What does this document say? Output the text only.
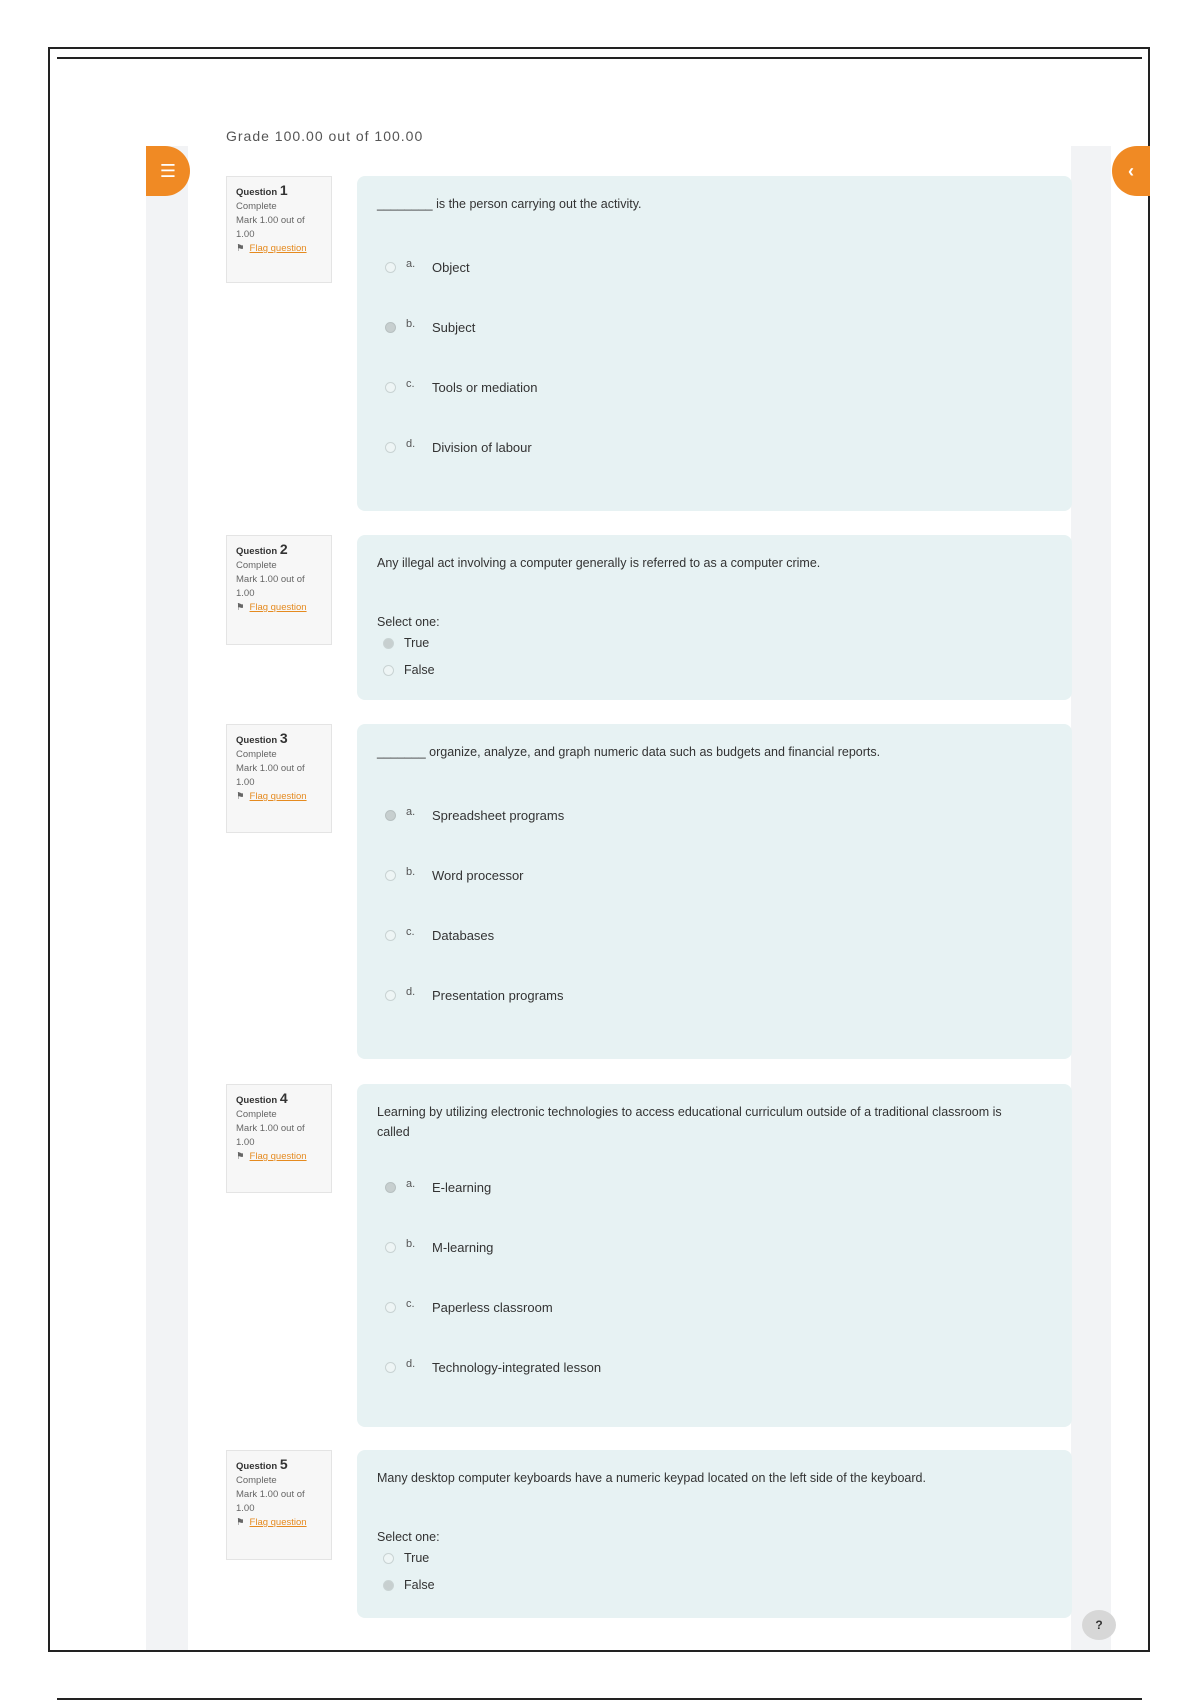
Grade 100.00 out of 100.00
☰	‹
Question 1
Complete
Mark 1.00 out of 1.00
⚑ Flag question
________ is the person carrying out the activity.
a.	Object
b.	Subject
c.	Tools or mediation
d.	Division of labour
Question 2
Complete
Mark 1.00 out of 1.00
⚑ Flag question
Any illegal act involving a computer generally is referred to as a computer crime.
Select one:
True
False
Question 3
Complete
Mark 1.00 out of 1.00
⚑ Flag question
_______ organize, analyze, and graph numeric data such as budgets and financial reports.
a.	Spreadsheet programs
b.	Word processor
c.	Databases
d.	Presentation programs
Question 4
Complete
Mark 1.00 out of 1.00
⚑ Flag question
Learning by utilizing electronic technologies to access educational curriculum outside of a traditional classroom is called
a.	E-learning
b.	M-learning
c.	Paperless classroom
d.	Technology-integrated lesson
Question 5
Complete
Mark 1.00 out of 1.00
⚑ Flag question
Many desktop computer keyboards have a numeric keypad located on the left side of the keyboard.
Select one:
True
False
?
